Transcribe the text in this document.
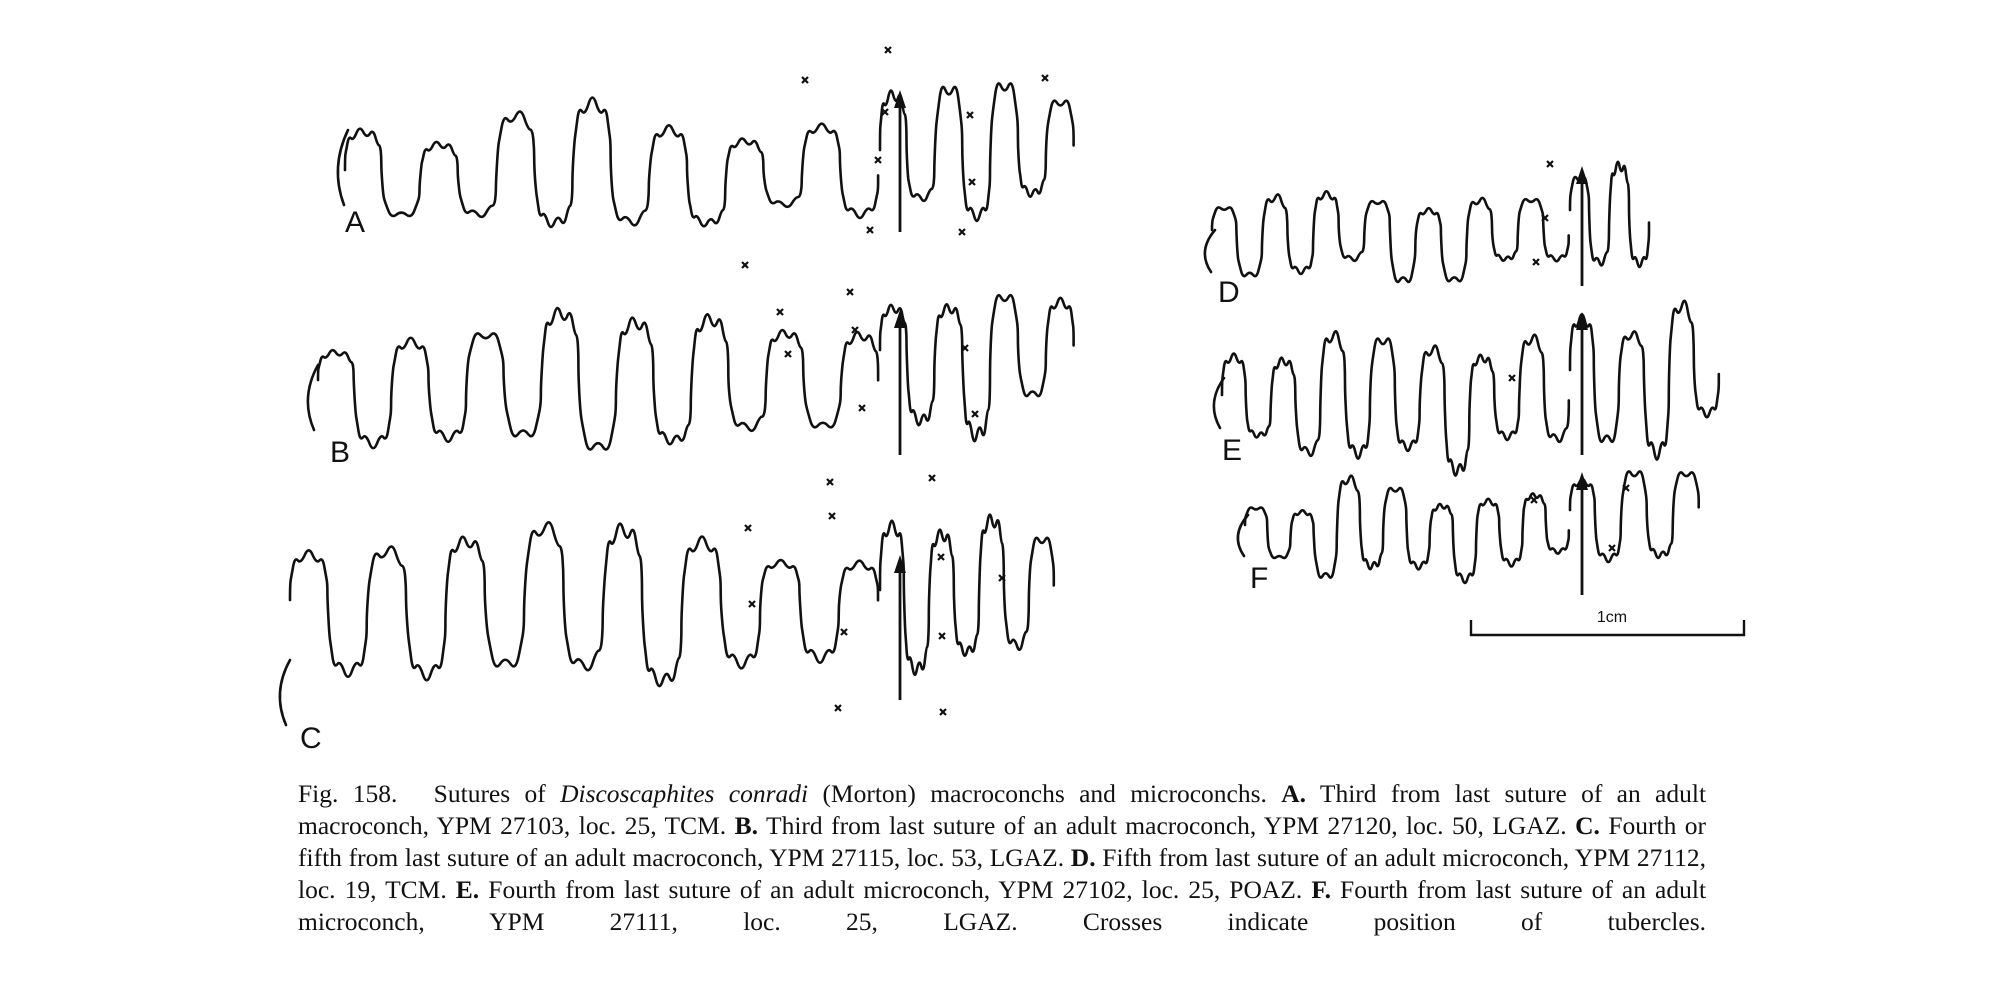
A
B
C
D
E
F
1cm

Fig. 158. Sutures of Discoscaphites conradi (Morton) macroconchs and microconchs. A. Third from last suture of an adult macroconch, YPM 27103, loc. 25, TCM. B. Third from last suture of an adult macroconch, YPM 27120, loc. 50, LGAZ. C. Fourth or fifth from last suture of an adult macroconch, YPM 27115, loc. 53, LGAZ. D. Fifth from last suture of an adult microconch, YPM 27112, loc. 19, TCM. E. Fourth from last suture of an adult microconch, YPM 27102, loc. 25, POAZ. F. Fourth from last suture of an adult microconch, YPM 27111, loc. 25, LGAZ.	Crosses indicate position of tubercles.
